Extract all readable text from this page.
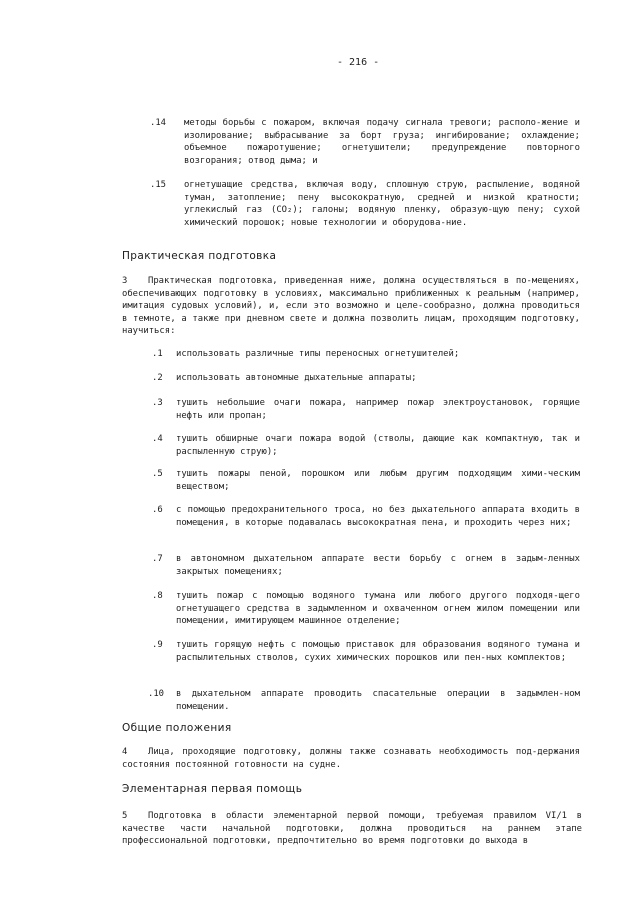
- 216 -
.14 методы борьбы с пожаром, включая подачу сигнала тревоги; располо-жение и изолирование; выбрасывание за борт груза; ингибирование; охлаждение; объемное пожаротушение; огнетушители; предупреждение повторного возгорания; отвод дыма; и
.15 огнетушащие средства, включая воду, сплошную струю, распыление, водяной туман, затопление; пену высокократную, средней и низкой кратности; углекислый газ (CO₂); галоны; водяную пленку, образую-щую пену; сухой химический порошок; новые технологии и оборудова-ние.
Практическая подготовка
3	Практическая подготовка, приведенная ниже, должна осуществляться в по-мещениях, обеспечивающих подготовку в условиях, максимально приближенных к реальным (например, имитация судовых условий), и, если это возможно и целе-сообразно, должна проводиться в темноте, а также при дневном свете и должна позволить лицам, проходящим подготовку, научиться:
.1 использовать различные типы переносных огнетушителей;
.2 использовать автономные дыхательные аппараты;
.3 тушить небольшие очаги пожара, например пожар электроустановок, горящие нефть или пропан;
.4 тушить обширные очаги пожара водой (стволы, дающие как компактную, так и распыленную струю);
.5 тушить пожары пеной, порошком или любым другим подходящим хими-ческим веществом;
.6 с помощью предохранительного троса, но без дыхательного аппарата входить в помещения, в которые подавалась высокократная пена, и проходить через них;
.7 в автономном дыхательном аппарате вести борьбу с огнем в задым-ленных закрытых помещениях;
.8 тушить пожар с помощью водяного тумана или любого другого подходя-щего огнетушащего средства в задымленном и охваченном огнем жилом помещении или помещении, имитирующем машинное отделение;
.9 тушить горящую нефть с помощью приставок для образования водяного тумана и распылительных стволов, сухих химических порошков или пен-ных комплектов;
.10 в дыхательном аппарате проводить спасательные операции в задымлен-ном помещении.
Общие положения
4	Лица, проходящие подготовку, должны также сознавать необходимость под-держания состояния постоянной готовности на судне.
Элементарная первая помощь
5	Подготовка в области элементарной первой помощи, требуемая правилом VI/1 в качестве части начальной подготовки, должна проводиться на раннем этапе профессиональной подготовки, предпочтительно во время подготовки до выхода в
